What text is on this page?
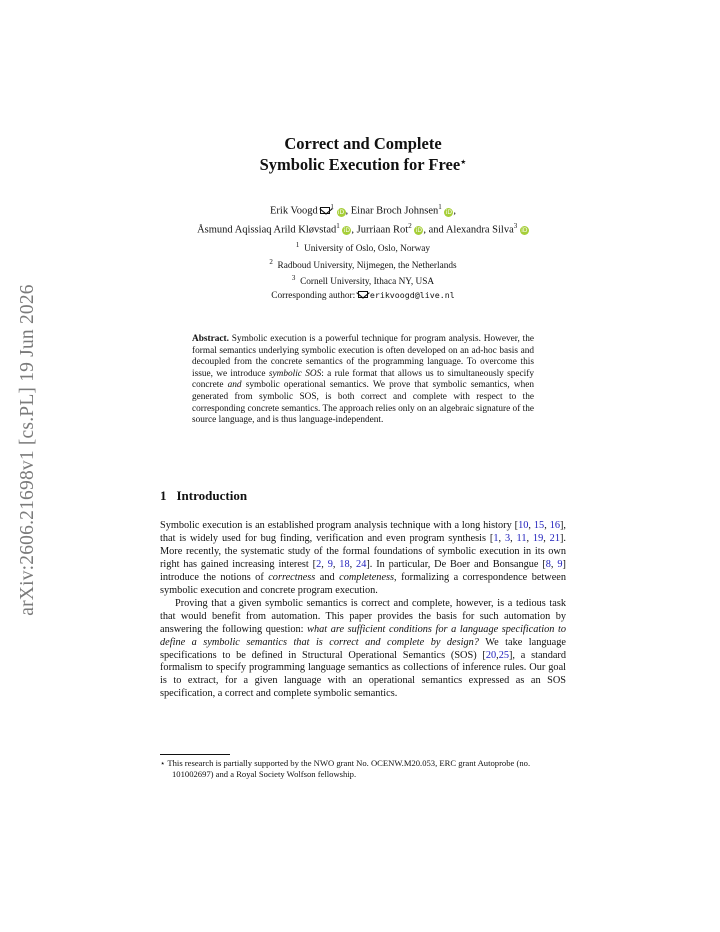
arXiv:2606.21698v1 [cs.PL] 19 Jun 2026
Correct and Complete
Symbolic Execution for Free⋆
Erik Voogd $^1$ iD, Einar Broch Johnsen$^1$ iD,
Åsmund Aqissiaq Arild Kløvstad$^1$ iD, Jurriaan Rot$^2$ iD, and Alexandra Silva$^3$ iD
$^1$ University of Oslo, Oslo, Norway
$^2$ Radboud University, Nijmegen, the Netherlands
$^3$ Cornell University, Ithaca NY, USA
Corresponding author: erikvoogd@live.nl
Abstract. Symbolic execution is a powerful technique for program analysis. However, the formal semantics underlying symbolic execution is often developed on an ad-hoc basis and decoupled from the concrete semantics of the programming language. To overcome this issue, we introduce symbolic SOS: a rule format that allows us to simultaneously specify concrete and symbolic operational semantics. We prove that symbolic semantics, when generated from symbolic SOS, is both correct and complete with respect to the corresponding concrete semantics. The approach relies only on an algebraic signature of the source language, and is thus language-independent.
1 Introduction

Symbolic execution is an established program analysis technique with a long history [10, 15, 16], that is widely used for bug finding, verification and even program synthesis [1, 3, 11, 19, 21]. More recently, the systematic study of the formal foundations of symbolic execution in its own right has gained increasing interest [2, 9, 18, 24]. In particular, De Boer and Bonsangue [8, 9] introduce the notions of correctness and completeness, formalizing a correspondence between symbolic execution and concrete program execution.

Proving that a given symbolic semantics is correct and complete, however, is a tedious task that would benefit from automation. This paper provides the basis for such automation by answering the following question: what are sufficient conditions for a language specification to define a symbolic semantics that is correct and complete by design? We take language specifications to be defined in Structural Operational Semantics (SOS) [20,25], a standard formalism to specify programming language semantics as collections of inference rules. Our goal is to extract, for a given language with an operational semantics expressed as an SOS specification, a correct and complete symbolic semantics.

⋆ This research is partially supported by the NWO grant No. OCENW.M20.053, ERC grant Autoprobe (no. 101002697) and a Royal Society Wolfson fellowship.
